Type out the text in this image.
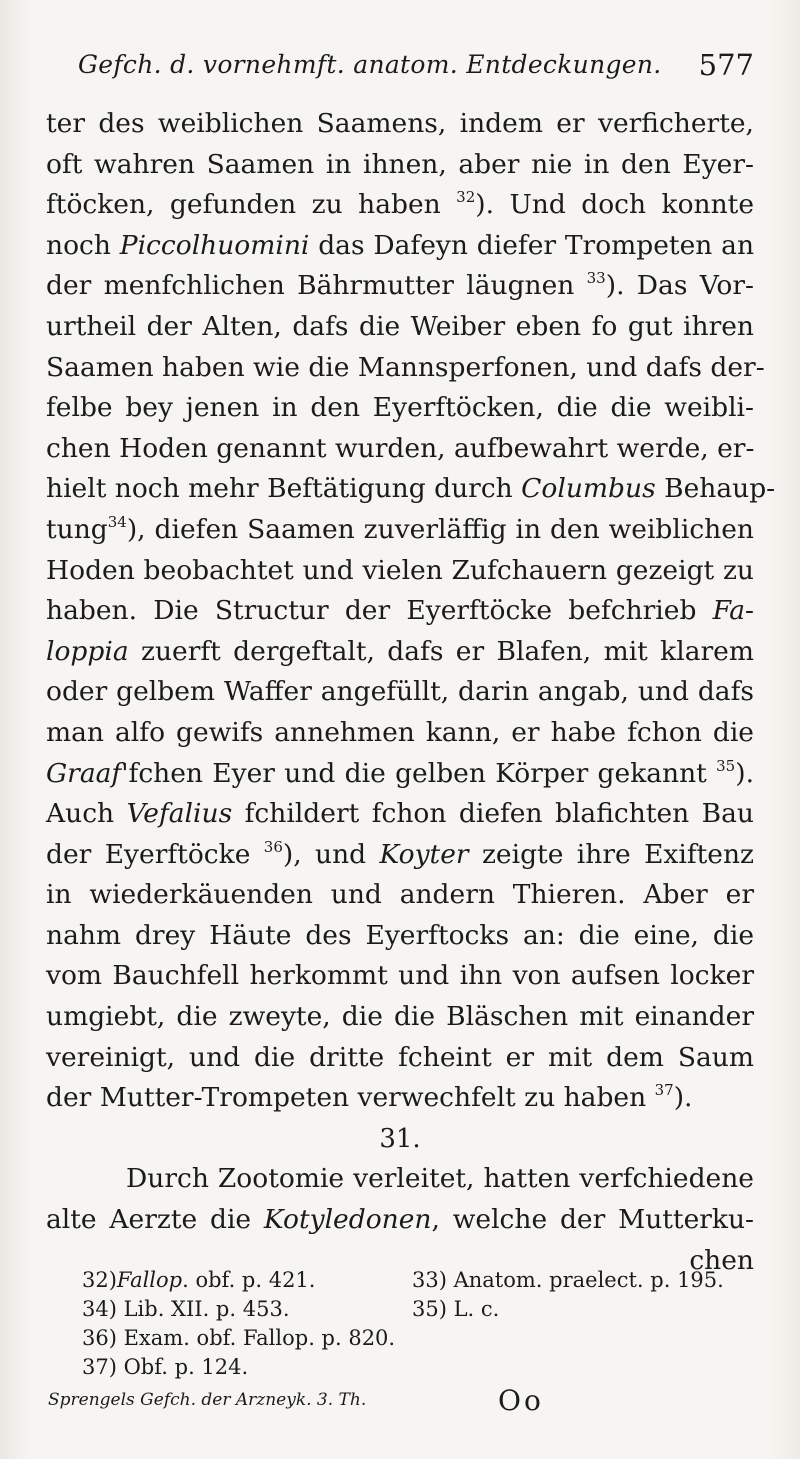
Gefch. d. vornehmft. anatom. Entdeckungen. 577
ter des weiblichen Saamens, indem er verficherte,
oft wahren Saamen in ihnen, aber nie in den Eyer-
ftöcken, gefunden zu haben $^{32}$). Und doch konnte
noch Piccolhuomini das Dafeyn diefer Trompeten an
der menfchlichen Bährmutter läugnen $^{33}$). Das Vor-
urtheil der Alten, dafs die Weiber eben fo gut ihren
Saamen haben wie die Mannsperfonen, und dafs der-
felbe bey jenen in den Eyerftöcken, die die weibli-
chen Hoden genannt wurden, aufbewahrt werde, er-
hielt noch mehr Beftätigung durch Columbus Behaup-
tung$^{34}$), diefen Saamen zuverläffig in den weiblichen
Hoden beobachtet und vielen Zufchauern gezeigt zu
haben. Die Structur der Eyerftöcke befchrieb Fa-
loppia zuerft dergeftalt, dafs er Blafen, mit klarem
oder gelbem Waffer angefüllt, darin angab, und dafs
man alfo gewifs annehmen kann, er habe fchon die
Graaf'fchen Eyer und die gelben Körper gekannt $^{35}$).
Auch Vefalius fchildert fchon diefen blafichten Bau
der Eyerftöcke $^{36}$), und Koyter zeigte ihre Exiftenz
in wiederkäuenden und andern Thieren. Aber er
nahm drey Häute des Eyerftocks an: die eine, die
vom Bauchfell herkommt und ihn von aufsen locker
umgiebt, die zweyte, die die Bläschen mit einander
vereinigt, und die dritte fcheint er mit dem Saum
der Mutter-Trompeten verwechfelt zu haben $^{37}$).
31.
Durch Zootomie verleitet, hatten verfchiedene
alte Aerzte die Kotyledonen, welche der Mutterku-
chen
32)Fallop. obf. p. 421.	33) Anatom. praelect. p. 195.
34) Lib. XII. p. 453.	35) L. c.
36) Exam. obf. Fallop. p. 820.
37) Obf. p. 124.
Sprengels Gefch. der Arzneyk. 3. Th.	Oo
